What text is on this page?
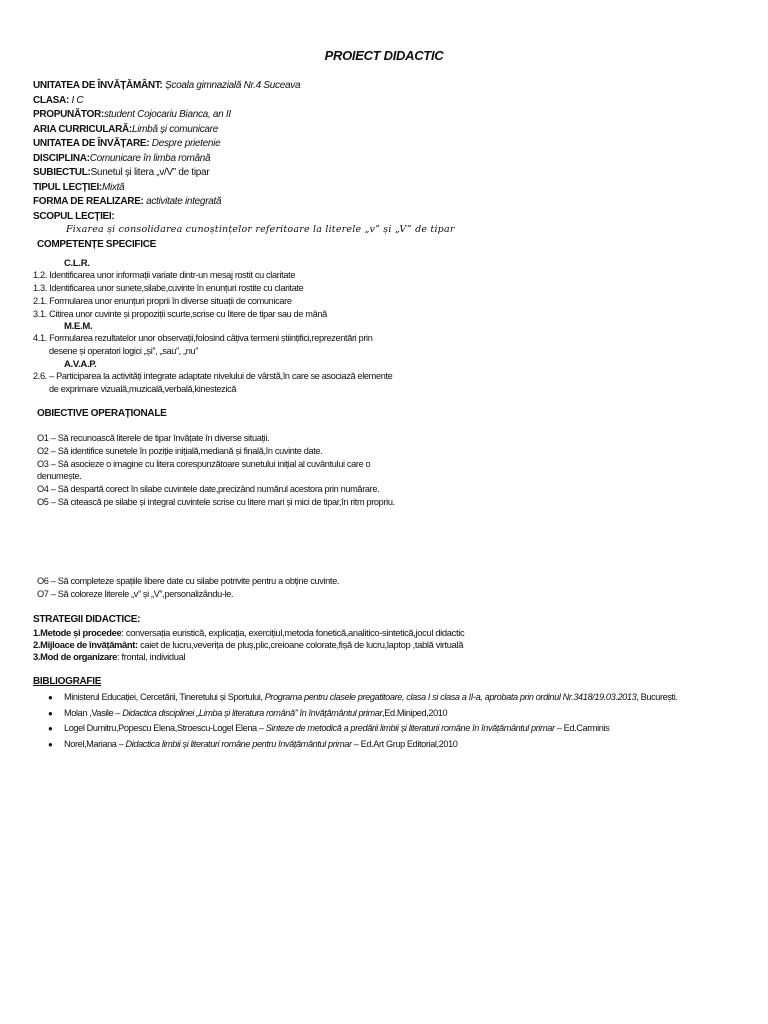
PROIECT DIDACTIC
UNITATEA DE ÎNVĂȚĂMÂNT: Școala gimnazială Nr.4 Suceava
CLASA: I C
PROPUNĂTOR:student Cojocariu Bianca, an II
ARIA CURRICULARĂ:Limbă și comunicare
UNITATEA DE ÎNVĂȚARE: Despre prietenie
DISCIPLINA:Comunicare în limba română
SUBIECTUL:Sunetul și litera „v/V” de tipar
TIPUL LECȚIEI:Mixtă
FORMA DE REALIZARE: activitate integrată
SCOPUL LECȚIEI:
Fixarea și consolidarea cunoștințelor referitoare la literele „v” și „V” de tipar
COMPETENȚE SPECIFICE
C.L.R.
1.2. Identificarea unor informații variate dintr-un mesaj rostit cu claritate
1.3. Identificarea unor sunete,silabe,cuvinte în enunțuri rostite cu claritate
2.1. Formularea unor enunțuri proprii în diverse situații de comunicare
3.1. Citirea unor cuvinte și propoziții scurte,scrise cu litere de tipar sau de mână
M.E.M.
4.1. Formularea rezultatelor unor observații,folosind câțiva termeni științifici,reprezentări prin
desene și operatori logici „și”, „sau”, „nu”
A.V.A.P.
2.6. – Participarea la activități integrate adaptate nivelului de vârstă,în care se asociază elemente
de exprimare vizuală,muzicală,verbală,kinestezică
OBIECTIVE OPERAȚIONALE
O1 – Să recunoască literele de tipar învățate în diverse situații.
O2 – Să identifice sunetele în poziție inițială,mediană și finală,în cuvinte date.
O3 – Să asocieze o imagine cu litera corespunzătoare sunetului inițial al cuvântului care o
denumește.
O4 – Să despartă corect în silabe cuvintele date,precizând numărul acestora prin numărare.
O5 – Să citească pe silabe și integral cuvintele scrise cu litere mari și mici de tipar,în ritm propriu.
O6 – Să completeze spațiile libere date cu silabe potrivite pentru a obține cuvinte.
O7 – Să coloreze literele „v” și „V”,personalizându-le.
STRATEGII DIDACTICE:
1.Metode și procedee: conversația euristică, explicația, exercițiul,metoda fonetică,analitico-sintetică,jocul didactic
2.Mijloace de învățământ: caiet de lucru,veverița de pluș,plic,creioane colorate,fișă de lucru,laptop ,tablă virtuală
3.Mod de organizare: frontal, individual
BIBLIOGRAFIE
● Ministerul Educației, Cercetării, Tineretului și Sportului, Programa pentru clasele pregatitoare, clasa I si clasa a II-a, aprobata prin ordinul Nr.3418/19.03.2013, București.
● Molan ,Vasile – Didactica disciplinei „Limba și literatura română” în învățământul primar,Ed.Miniped,2010
● Logel Dumitru,Popescu Elena,Stroescu-Logel Elena – Sinteze de metodică a predării limbii și literaturii române în învățământul primar – Ed.Carminis
● Norel,Mariana – Didactica limbii și literaturi române pentru învățământul primar – Ed.Art Grup Editorial,2010
